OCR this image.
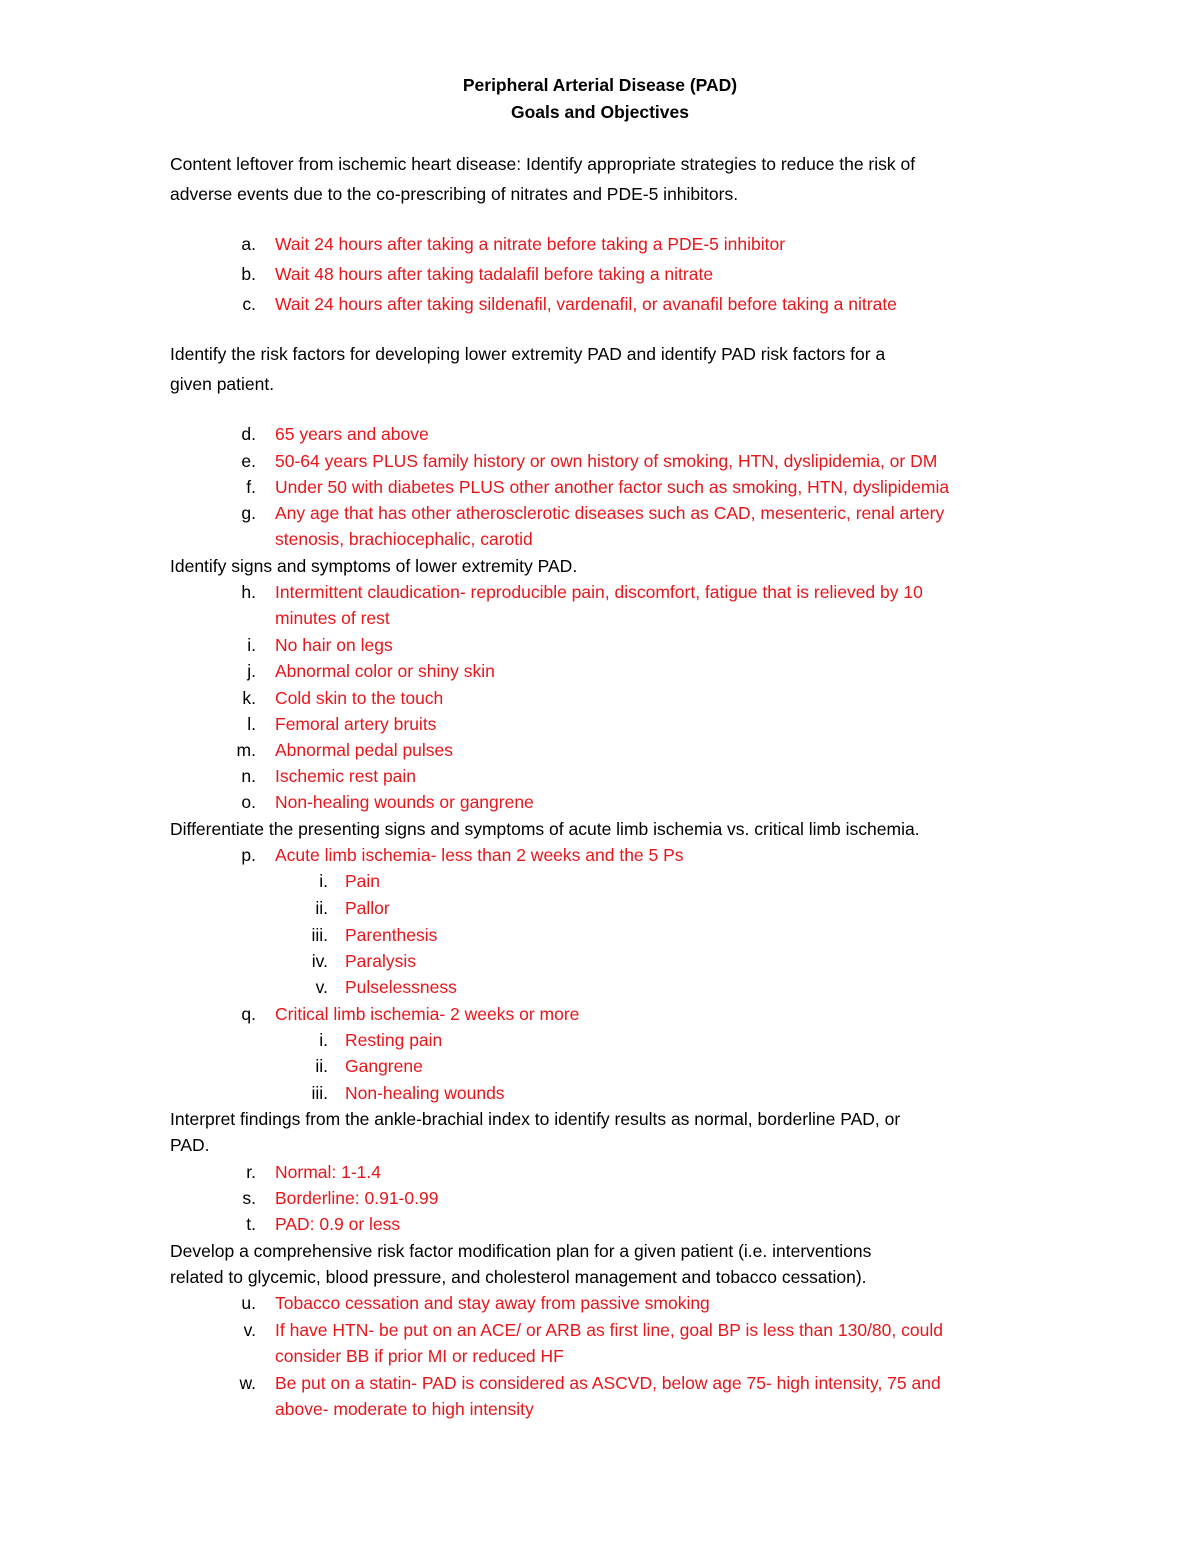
Peripheral Arterial Disease (PAD)
Goals and Objectives
Content leftover from ischemic heart disease: Identify appropriate strategies to reduce the risk of
adverse events due to the co-prescribing of nitrates and PDE-5 inhibitors.
a. Wait 24 hours after taking a nitrate before taking a PDE-5 inhibitor
b. Wait 48 hours after taking tadalafil before taking a nitrate
c. Wait 24 hours after taking sildenafil, vardenafil, or avanafil before taking a nitrate
Identify the risk factors for developing lower extremity PAD and identify PAD risk factors for a
given patient.
d. 65 years and above
e. 50-64 years PLUS family history or own history of smoking, HTN, dyslipidemia, or DM
f. Under 50 with diabetes PLUS other another factor such as smoking, HTN, dyslipidemia
g. Any age that has other atherosclerotic diseases such as CAD, mesenteric, renal artery
stenosis, brachiocephalic, carotid
Identify signs and symptoms of lower extremity PAD.
h. Intermittent claudication- reproducible pain, discomfort, fatigue that is relieved by 10
minutes of rest
i. No hair on legs
j. Abnormal color or shiny skin
k. Cold skin to the touch
l. Femoral artery bruits
m. Abnormal pedal pulses
n. Ischemic rest pain
o. Non-healing wounds or gangrene
Differentiate the presenting signs and symptoms of acute limb ischemia vs. critical limb ischemia.
p. Acute limb ischemia- less than 2 weeks and the 5 Ps
i. Pain
ii. Pallor
iii. Parenthesis
iv. Paralysis
v. Pulselessness
q. Critical limb ischemia- 2 weeks or more
i. Resting pain
ii. Gangrene
iii. Non-healing wounds
Interpret findings from the ankle-brachial index to identify results as normal, borderline PAD, or
PAD.
r. Normal: 1-1.4
s. Borderline: 0.91-0.99
t. PAD: 0.9 or less
Develop a comprehensive risk factor modification plan for a given patient (i.e. interventions
related to glycemic, blood pressure, and cholesterol management and tobacco cessation).
u. Tobacco cessation and stay away from passive smoking
v. If have HTN- be put on an ACE/ or ARB as first line, goal BP is less than 130/80, could
consider BB if prior MI or reduced HF
w. Be put on a statin- PAD is considered as ASCVD, below age 75- high intensity, 75 and
above- moderate to high intensity
